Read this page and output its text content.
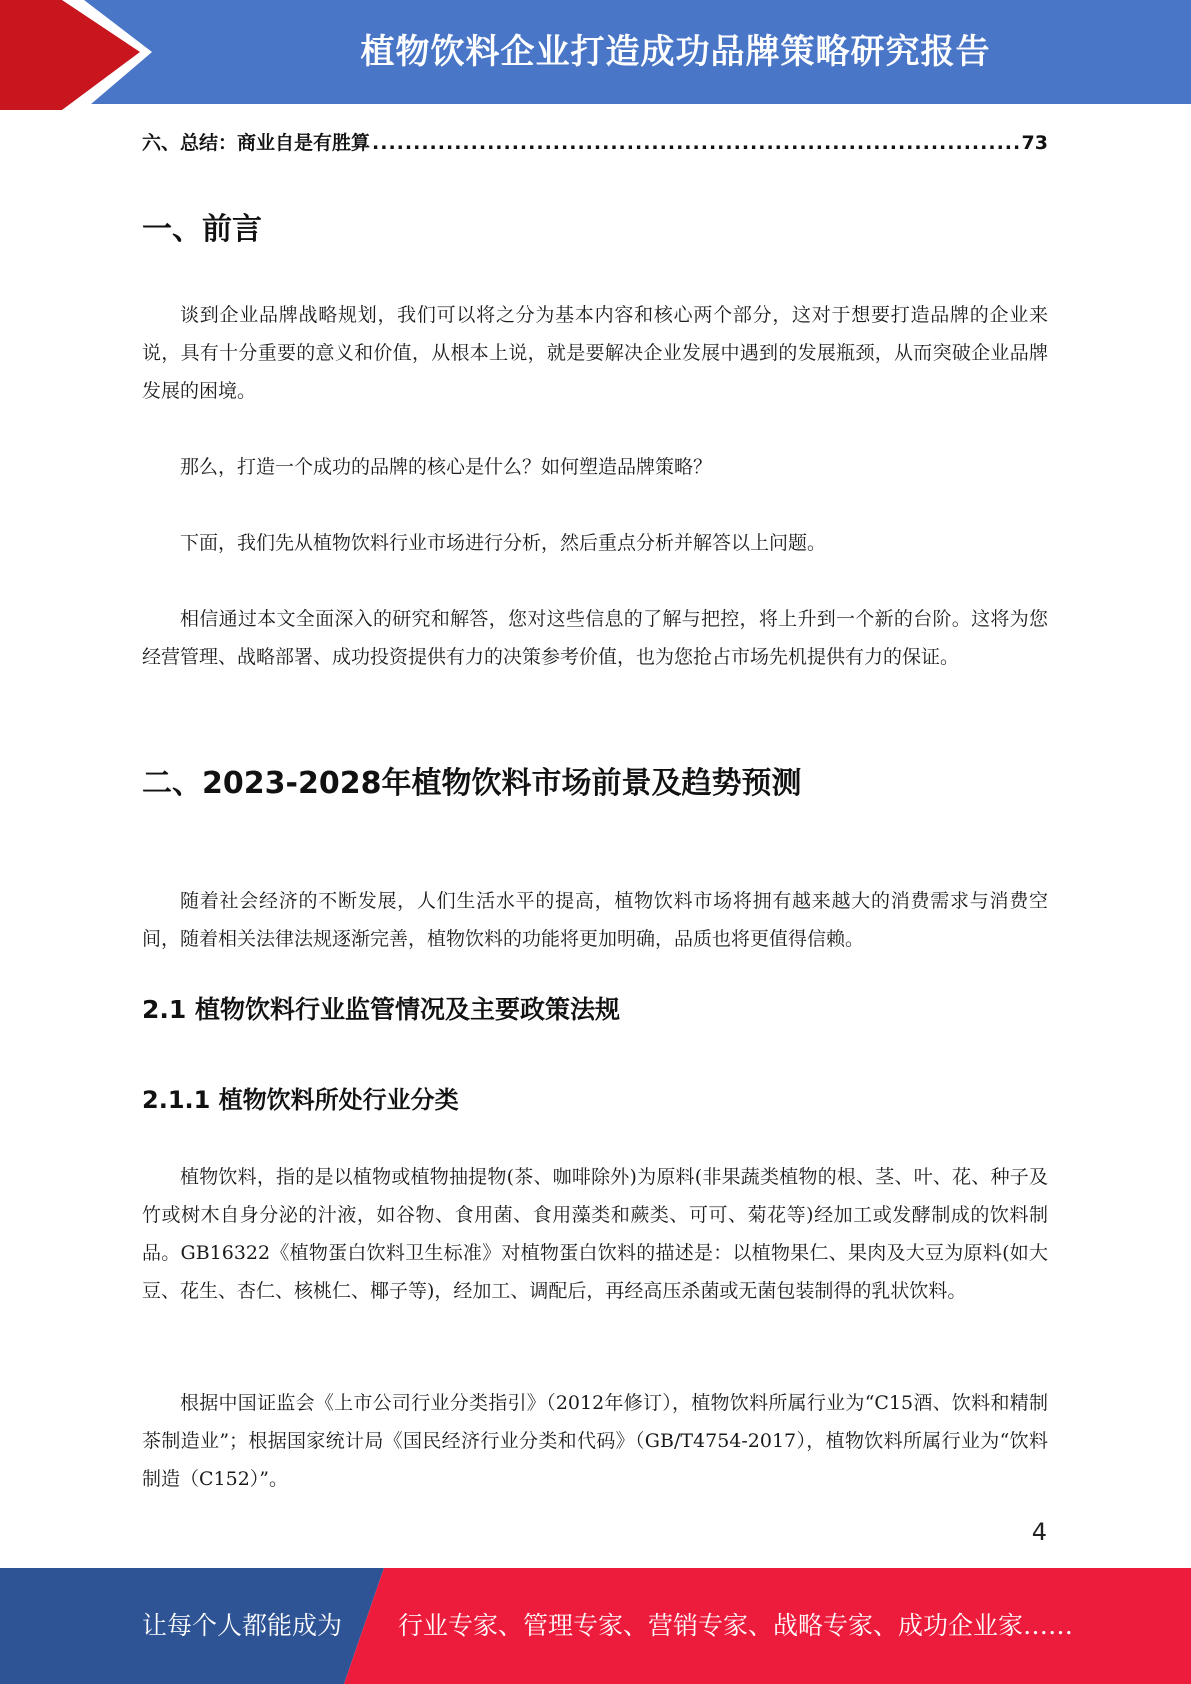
植物饮料企业打造成功品牌策略研究报告
六、总结：商业自是有胜算
.....	73
一、前言

谈到企业品牌战略规划，我们可以将之分为基本内容和核心两个部分，这对于想要打造品牌的企业来说，具有十分重要的意义和价值，从根本上说，就是要解决企业发展中遇到的发展瓶颈，从而突破企业品牌发展的困境。

那么，打造一个成功的品牌的核心是什么？如何塑造品牌策略？

下面，我们先从植物饮料行业市场进行分析，然后重点分析并解答以上问题。

相信通过本文全面深入的研究和解答，您对这些信息的了解与把控，将上升到一个新的台阶。这将为您经营管理、战略部署、成功投资提供有力的决策参考价值，也为您抢占市场先机提供有力的保证。

二、2023-2028年植物饮料市场前景及趋势预测

随着社会经济的不断发展，人们生活水平的提高，植物饮料市场将拥有越来越大的消费需求与消费空间，随着相关法律法规逐渐完善，植物饮料的功能将更加明确，品质也将更值得信赖。

2.1 植物饮料行业监管情况及主要政策法规
2.1.1 植物饮料所处行业分类

植物饮料，指的是以植物或植物抽提物(茶、咖啡除外)为原料(非果蔬类植物的根、茎、叶、花、种子及竹或树木自身分泌的汁液，如谷物、食用菌、食用藻类和蕨类、可可、菊花等)经加工或发酵制成的饮料制品。GB16322《植物蛋白饮料卫生标准》对植物蛋白饮料的描述是：以植物果仁、果肉及大豆为原料(如大豆、花生、杏仁、核桃仁、椰子等)，经加工、调配后，再经高压杀菌或无菌包装制得的乳状饮料。

根据中国证监会《上市公司行业分类指引》（2012年修订），植物饮料所属行业为“C15酒、饮料和精制茶制造业”；根据国家统计局《国民经济行业分类和代码》（GB/T4754-2017），植物饮料所属行业为“饮料制造（C152）”。

4
让每个人都能成为 行业专家、管理专家、营销专家、战略专家、成功企业家……
